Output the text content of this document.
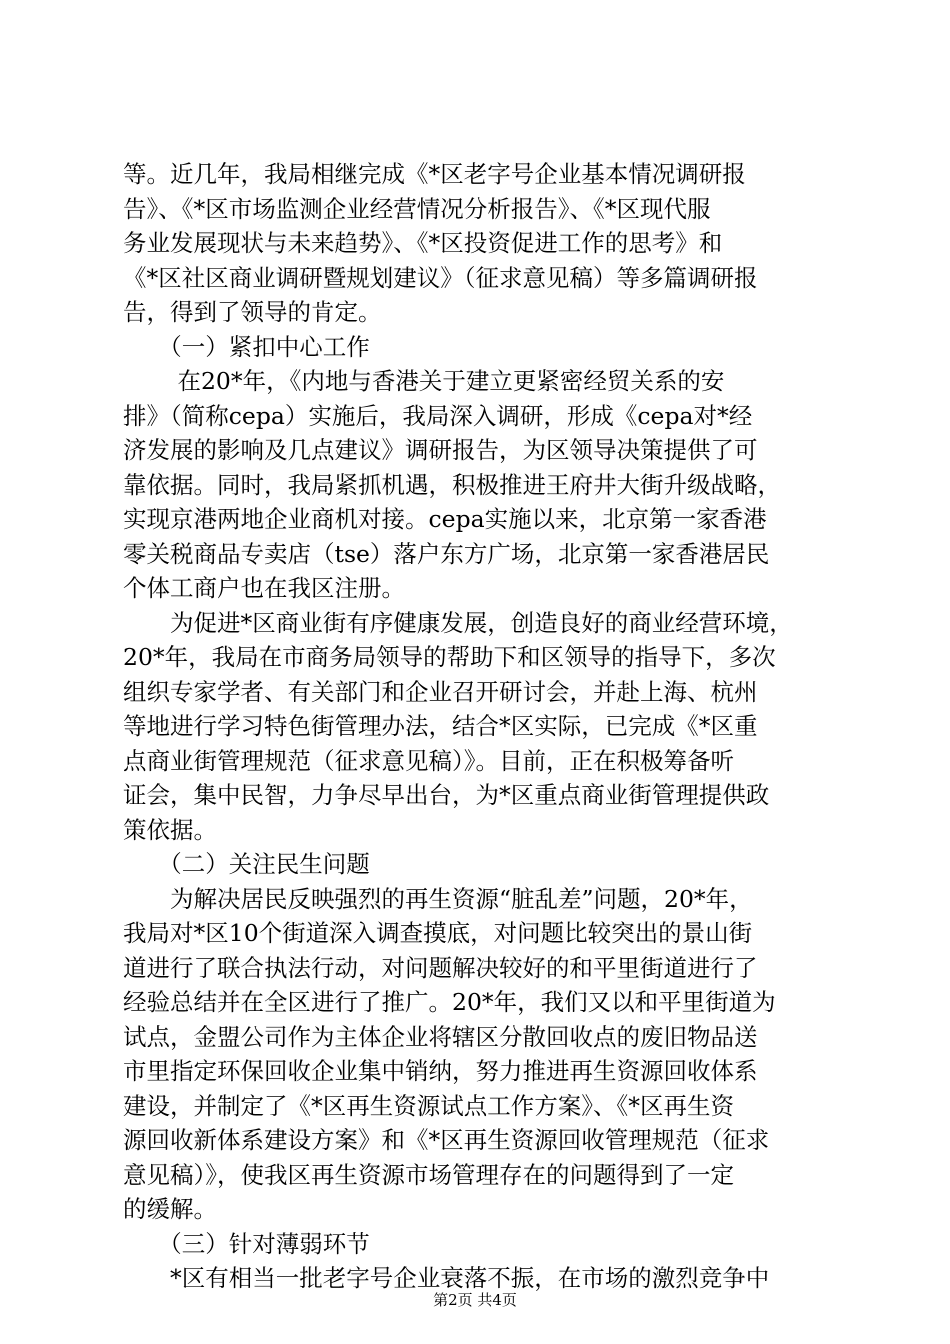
等。近几年，我局相继完成《*区老字号企业基本情况调研报
告》、《*区市场监测企业经营情况分析报告》、《*区现代服
务业发展现状与未来趋势》、《*区投资促进工作的思考》和
《*区社区商业调研暨规划建议》（征求意见稿）等多篇调研报
告，得到了领导的肯定。
　　（一）紧扣中心工作
　　 在20*年，《内地与香港关于建立更紧密经贸关系的安
排》（简称cepa）实施后，我局深入调研，形成《cepa对*经
济发展的影响及几点建议》调研报告，为区领导决策提供了可
靠依据。同时，我局紧抓机遇，积极推进王府井大街升级战略，
实现京港两地企业商机对接。cepa实施以来，北京第一家香港
零关税商品专卖店（tse）落户东方广场，北京第一家香港居民
个体工商户也在我区注册。
　　为促进*区商业街有序健康发展，创造良好的商业经营环境，
20*年，我局在市商务局领导的帮助下和区领导的指导下，多次
组织专家学者、有关部门和企业召开研讨会，并赴上海、杭州
等地进行学习特色街管理办法，结合*区实际，已完成《*区重
点商业街管理规范（征求意见稿）》。目前，正在积极筹备听
证会，集中民智，力争尽早出台，为*区重点商业街管理提供政
策依据。
　　（二）关注民生问题
　　为解决居民反映强烈的再生资源“脏乱差”问题，20*年，
我局对*区10个街道深入调查摸底，对问题比较突出的景山街
道进行了联合执法行动，对问题解决较好的和平里街道进行了
经验总结并在全区进行了推广。20*年，我们又以和平里街道为
试点，金盟公司作为主体企业将辖区分散回收点的废旧物品送
市里指定环保回收企业集中销纳，努力推进再生资源回收体系
建设，并制定了《*区再生资源试点工作方案》、《*区再生资
源回收新体系建设方案》和《*区再生资源回收管理规范（征求
意见稿）》，使我区再生资源市场管理存在的问题得到了一定
的缓解。
　　（三）针对薄弱环节
　　*区有相当一批老字号企业衰落不振，在市场的激烈竞争中
第2页 共4页
